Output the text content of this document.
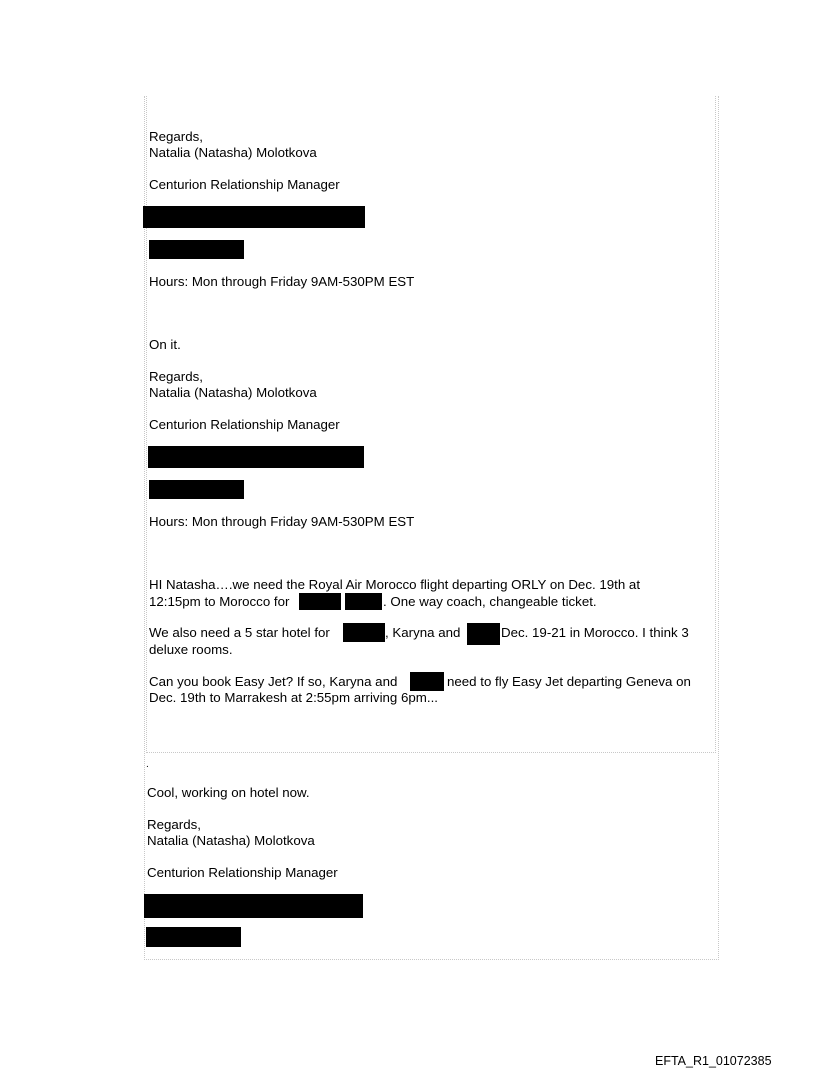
Regards,
Natalia (Natasha) Molotkova
Centurion Relationship Manager
Hours: Mon through Friday 9AM-530PM EST
On it.
Regards,
Natalia (Natasha) Molotkova
Centurion Relationship Manager
Hours: Mon through Friday 9AM-530PM EST
HI Natasha….we need the Royal Air Morocco flight departing ORLY on Dec. 19th at
12:15pm to Morocco for	. One way coach, changeable ticket.
We also need a 5 star hotel for	, Karyna and	Dec. 19-21 in Morocco. I think 3
deluxe rooms.
Can you book Easy Jet? If so, Karyna and	need to fly Easy Jet departing Geneva on
Dec. 19th to Marrakesh at 2:55pm arriving 6pm...
.
Cool, working on hotel now.
Regards,
Natalia (Natasha) Molotkova
Centurion Relationship Manager
EFTA_R1_01072385
